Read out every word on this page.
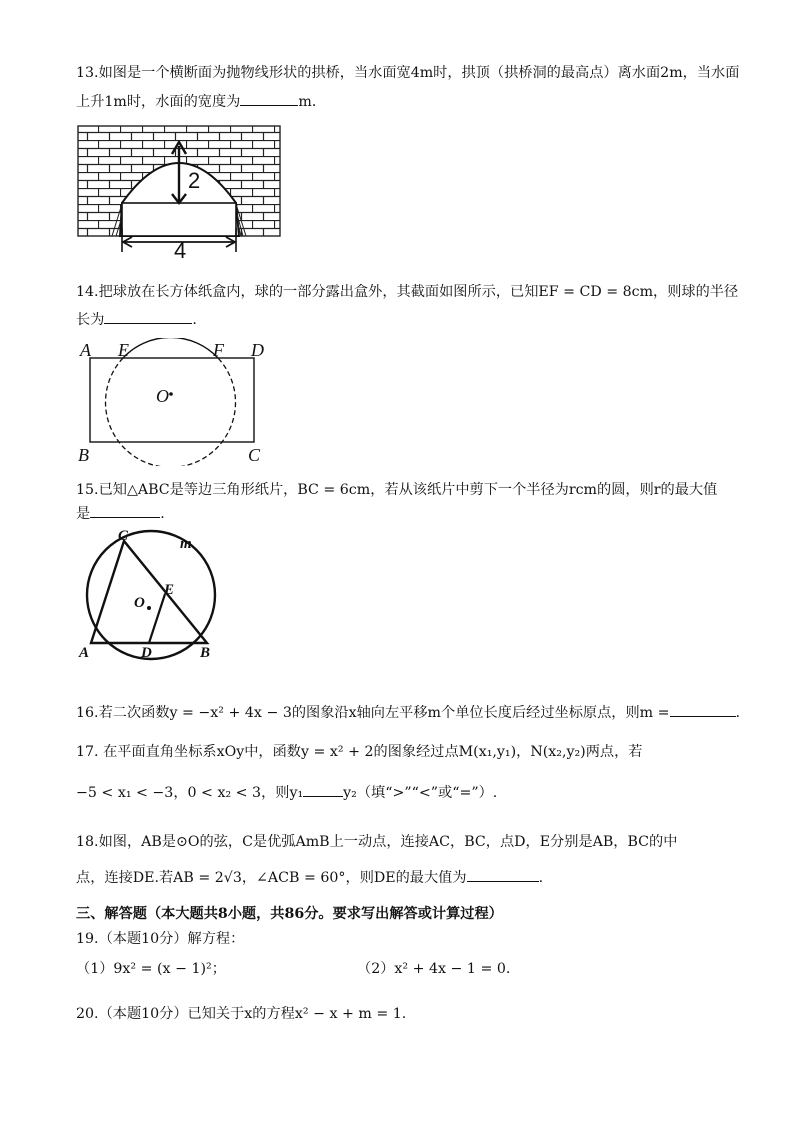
13.如图是一个横断面为抛物线形状的拱桥，当水面宽4m时，拱顶（拱桥洞的最高点）离水面2m，当水面
上升1m时，水面的宽度为	m．
2
4
14.把球放在长方体纸盒内，球的一部分露出盒外，其截面如图所示，已知EF = CD = 8cm，则球的半径
长为	.
A E	F D
O
B	C
15.已知△ABC是等边三角形纸片，BC = 6cm，若从该纸片中剪下一个半径为rcm的圆，则r的最大值
是	.
C	m
E
O
A	D	B
16.若二次函数y = −x² + 4x − 3的图象沿x轴向左平移m个单位长度后经过坐标原点，则m =	.
17. 在平面直角坐标系xOy中，函数y = x² + 2的图象经过点M(x₁,y₁)，N(x₂,y₂)两点，若
−5 < x₁ < −3，0 < x₂ < 3，则y₁	y₂（填“>”“<”或“=”）.
18.如图，AB是⊙O的弦，C是优弧AmB上一动点，连接AC，BC，点D，E分别是AB，BC的中
点，连接DE.若AB = 2√3，∠ACB = 60°，则DE的最大值为	.
三、解答题（本大题共8小题，共86分。要求写出解答或计算过程）
19.（本题10分）解方程：
（1）9x² = (x − 1)²；	（2）x² + 4x − 1 = 0.
20.（本题10分）已知关于x的方程x² − x + m = 1.
